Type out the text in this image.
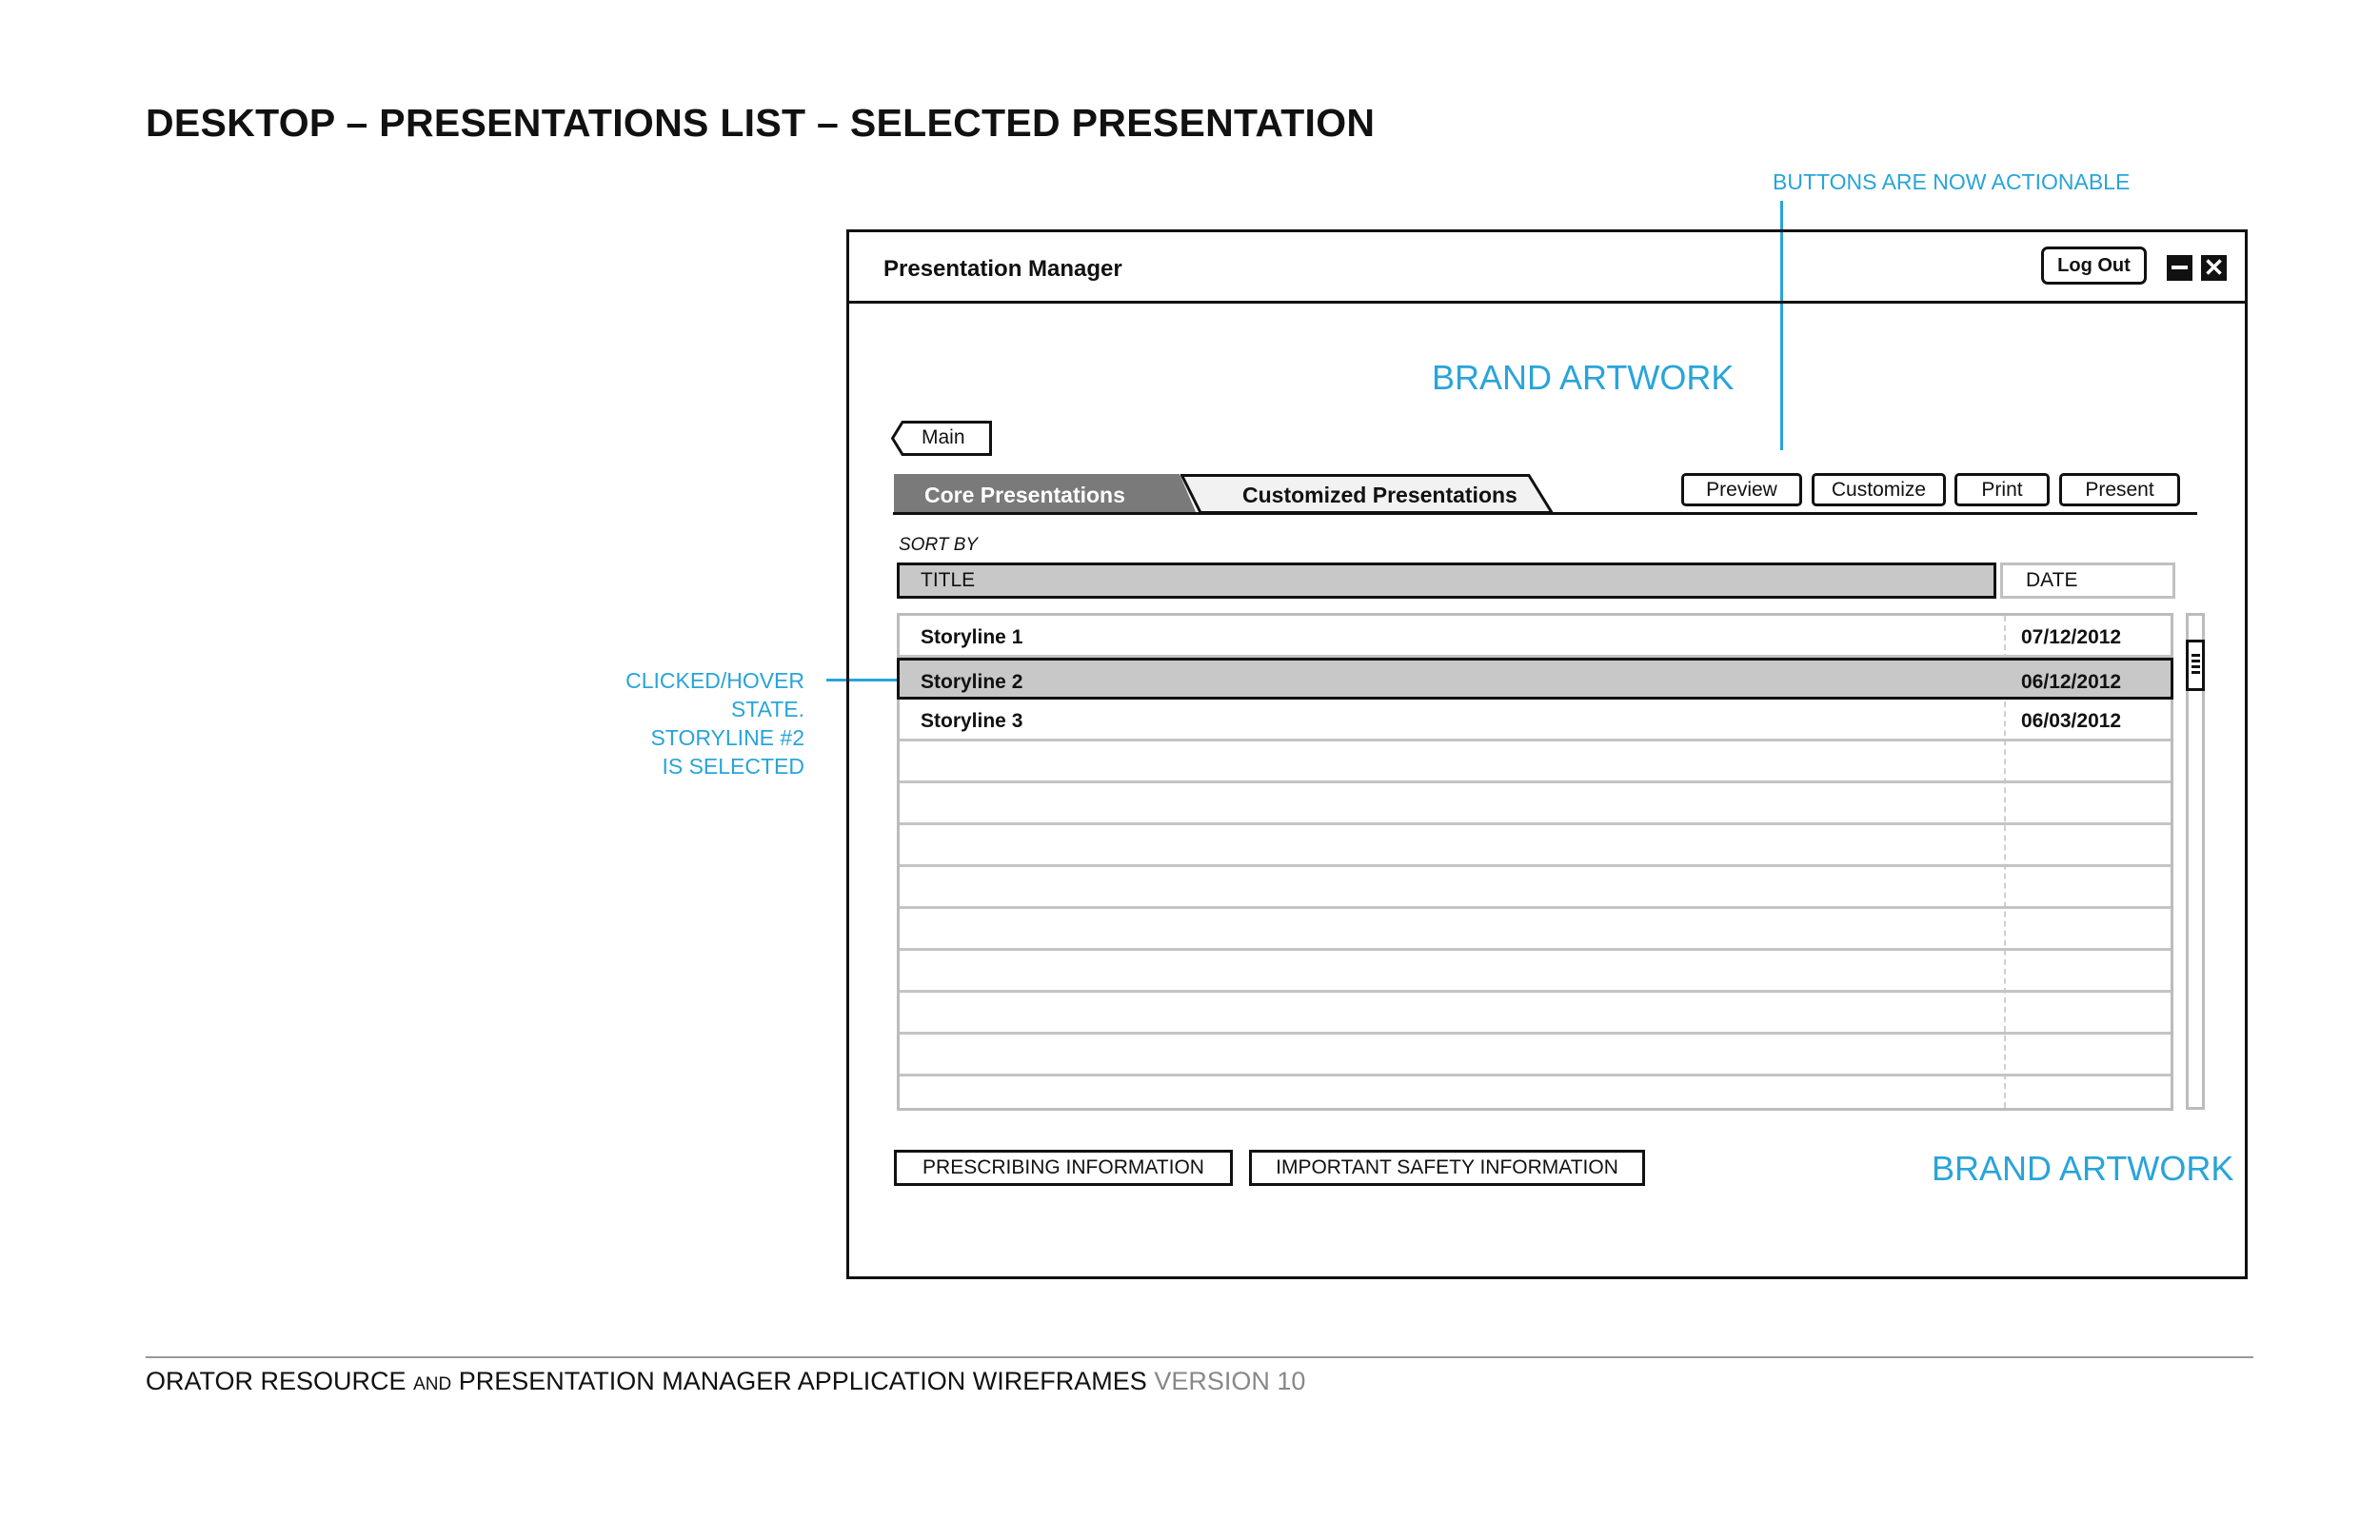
DESKTOP – PRESENTATIONS LIST – SELECTED PRESENTATION
BUTTONS ARE NOW ACTIONABLE
CLICKED/HOVER
STATE.
STORYLINE #2
IS SELECTED
Presentation Manager	Log Out	✕
BRAND ARTWORK
Main
Core Presentations	Customized Presentations	Preview	Customize	Print	Present
SORT BY
TITLE	DATE
Storyline 1	07/12/2012
Storyline 2	06/12/2012
Storyline 3	06/03/2012
PRESCRIBING INFORMATION	IMPORTANT SAFETY INFORMATION	BRAND ARTWORK
ORATOR RESOURCE AND PRESENTATION MANAGER APPLICATION WIREFRAMES VERSION 10
